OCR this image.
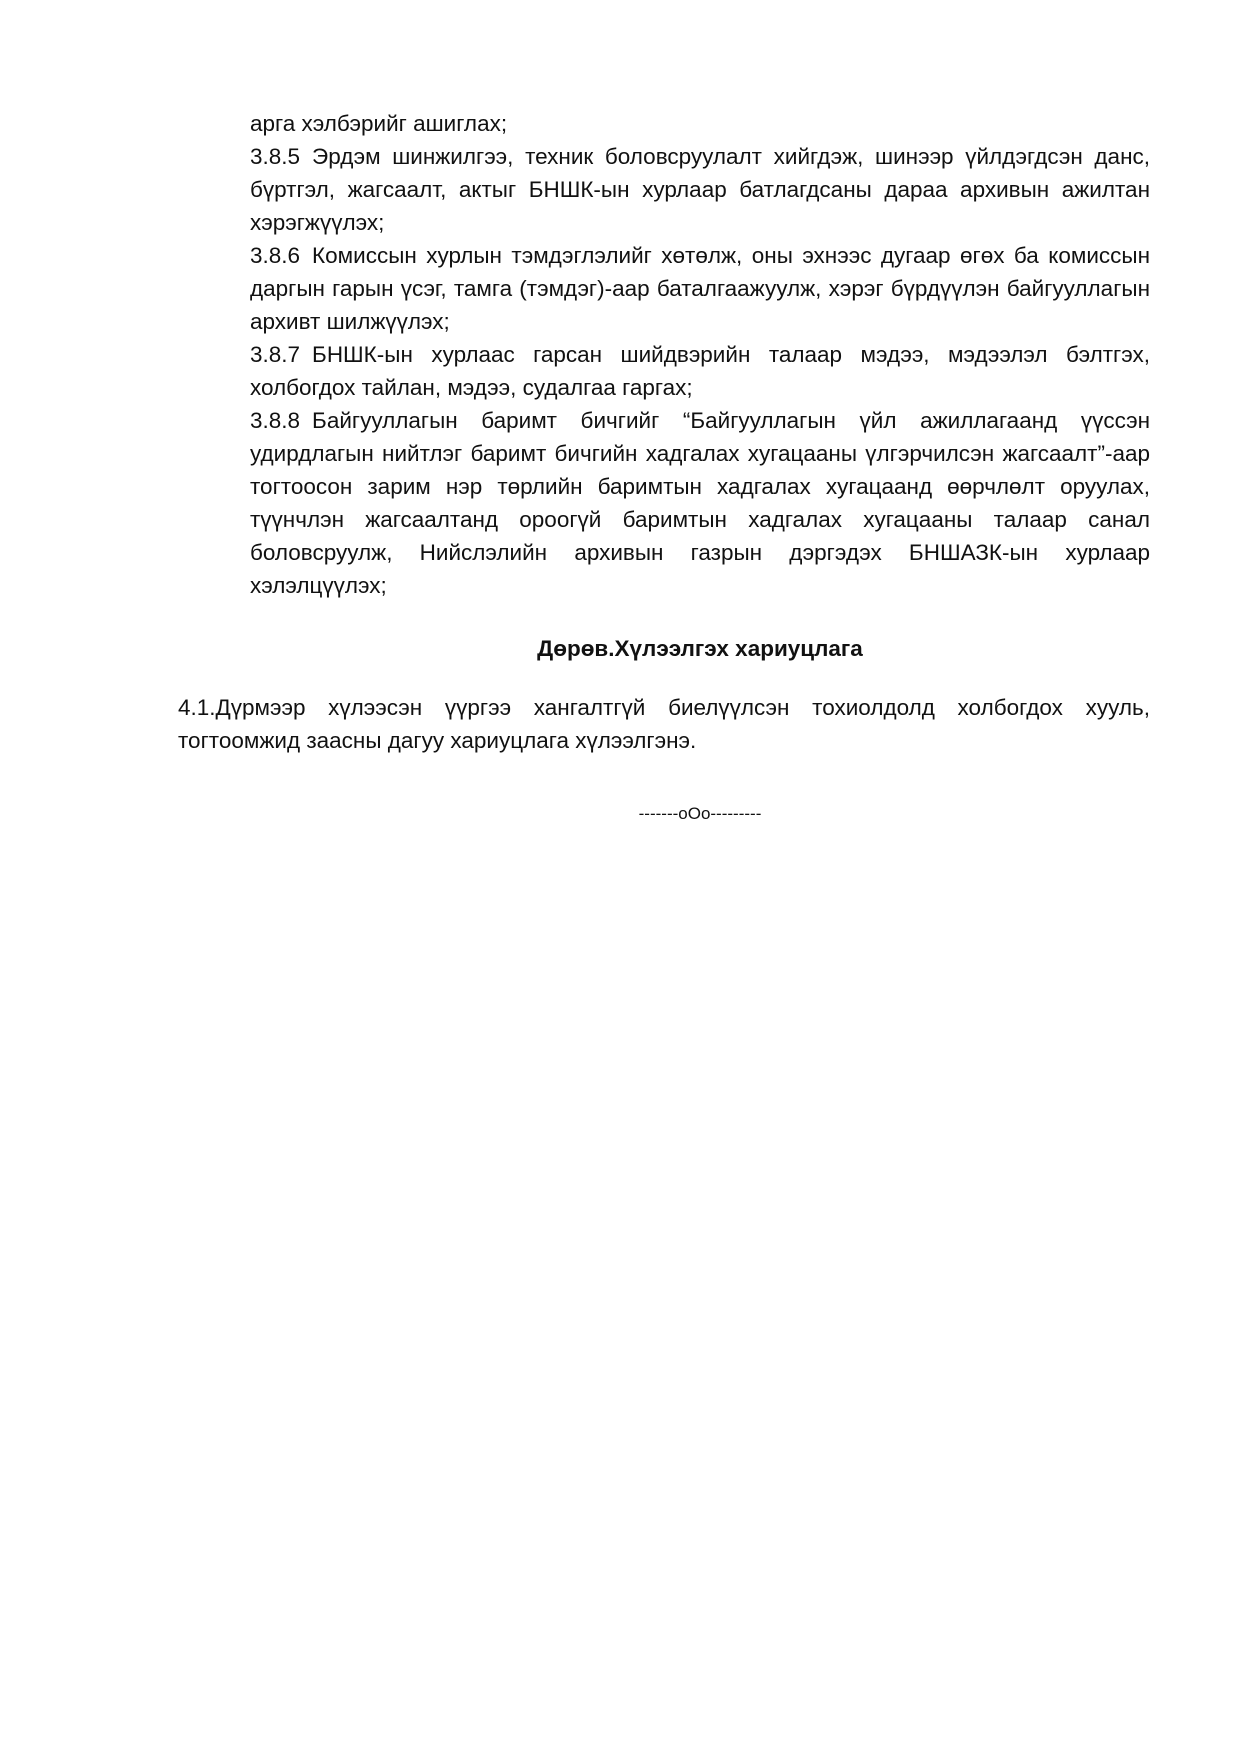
арга хэлбэрийг ашиглах;

3.8.5 Эрдэм шинжилгээ, техник боловсруулалт хийгдэж, шинээр үйлдэгдсэн данс, бүртгэл, жагсаалт, актыг БНШК-ын хурлаар батлагдсаны дараа архивын ажилтан хэрэгжүүлэх;

3.8.6 Комиссын хурлын тэмдэглэлийг хөтөлж, оны эхнээс дугаар өгөх ба комиссын даргын гарын үсэг, тамга (тэмдэг)-аар баталгаажуулж, хэрэг бүрдүүлэн байгууллагын архивт шилжүүлэх;

3.8.7 БНШК-ын хурлаас гарсан шийдвэрийн талаар мэдээ, мэдээлэл бэлтгэх, холбогдох тайлан, мэдээ, судалгаа гаргах;

3.8.8 Байгууллагын баримт бичгийг “Байгууллагын үйл ажиллагаанд үүссэн удирдлагын нийтлэг баримт бичгийн хадгалах хугацааны үлгэрчилсэн жагсаалт”-аар тогтоосон зарим нэр төрлийн баримтын хадгалах хугацаанд өөрчлөлт оруулах, түүнчлэн жагсаалтанд ороогүй баримтын хадгалах хугацааны талаар санал боловсруулж, Нийслэлийн архивын газрын дэргэдэх БНШАЗК-ын хурлаар хэлэлцүүлэх;

Дөрөв.Хүлээлгэх хариуцлага

4.1.Дүрмээр хүлээсэн үүргээ хангалтгүй биелүүлсэн тохиолдолд холбогдох хууль, тогтоомжид заасны дагуу хариуцлага хүлээлгэнэ.

-------oOo---------
